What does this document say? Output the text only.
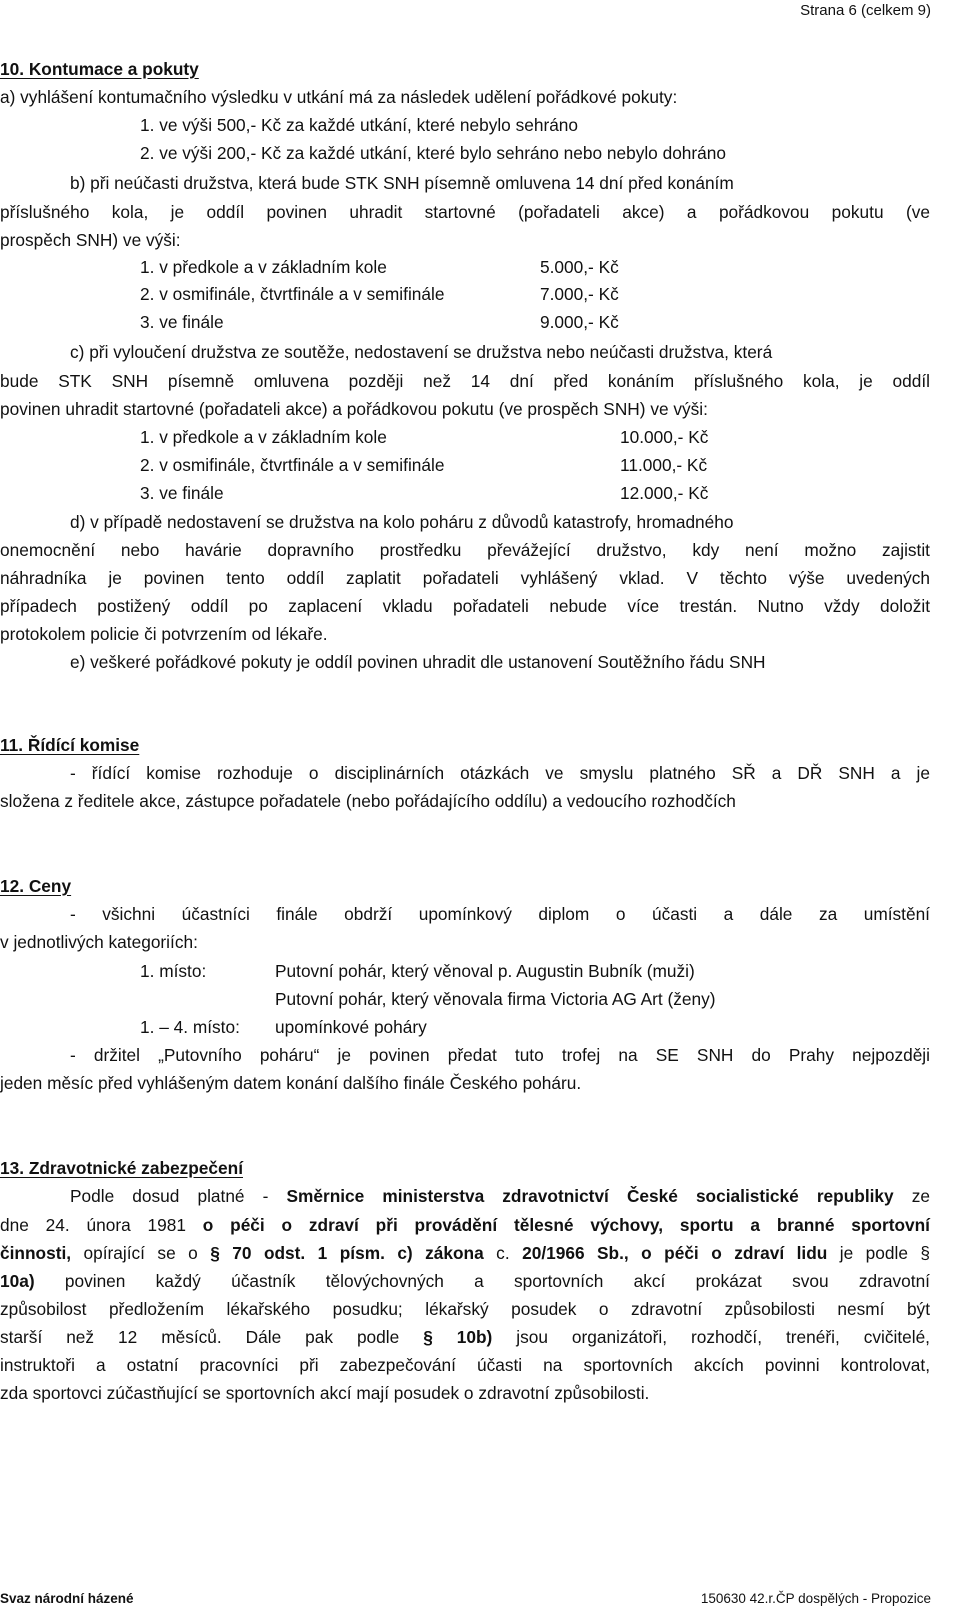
Strana 6 (celkem 9)
10. Kontumace a pokuty
a) vyhlášení kontumačního výsledku v utkání má za následek udělení pořádkové pokuty:
1. ve výši 500,- Kč za každé utkání, které nebylo sehráno
2. ve výši 200,- Kč za každé utkání, které bylo sehráno nebo nebylo dohráno
b) při neúčasti družstva, která bude STK SNH písemně omluvena 14 dní před konáním
příslušného kola, je oddíl povinen uhradit startovné (pořadateli akce) a pořádkovou pokutu (ve
prospěch SNH) ve výši:
1. v předkole a v základním kole	5.000,- Kč
2. v osmifinále, čtvrtfinále a v semifinále	7.000,- Kč
3. ve finále	9.000,- Kč
c) při vyloučení družstva ze soutěže, nedostavení se družstva nebo neúčasti družstva, která
bude STK SNH písemně omluvena později než 14 dní před konáním příslušného kola, je oddíl
povinen uhradit startovné (pořadateli akce) a pořádkovou pokutu (ve prospěch SNH) ve výši:
1. v předkole a v základním kole	10.000,- Kč
2. v osmifinále, čtvrtfinále a v semifinále	11.000,- Kč
3. ve finále	12.000,- Kč
d) v případě nedostavení se družstva na kolo poháru z důvodů katastrofy, hromadného
onemocnění nebo havárie dopravního prostředku převážející družstvo, kdy není možno zajistit
náhradníka je povinen tento oddíl zaplatit pořadateli vyhlášený vklad. V těchto výše uvedených
případech postižený oddíl po zaplacení vkladu pořadateli nebude více trestán. Nutno vždy doložit
protokolem policie či potvrzením od lékaře.
e) veškeré pořádkové pokuty je oddíl povinen uhradit dle ustanovení Soutěžního řádu SNH
11. Řídící komise
- řídící komise rozhoduje o disciplinárních otázkách ve smyslu platného SŘ a DŘ SNH a je
složena z ředitele akce, zástupce pořadatele (nebo pořádajícího oddílu) a vedoucího rozhodčích
12. Ceny
- všichni účastníci finále obdrží upomínkový diplom o účasti a dále za umístění
v jednotlivých kategoriích:
1. místo:	Putovní pohár, který věnoval p. Augustin Bubník (muži)
Putovní pohár, který věnovala firma Victoria AG Art (ženy)
1. – 4. místo: upomínkové poháry
- držitel „Putovního poháru“ je povinen předat tuto trofej na SE SNH do Prahy nejpozději
jeden měsíc před vyhlášeným datem konání dalšího finále Českého poháru.
13. Zdravotnické zabezpečení
Podle dosud platné - Směrnice ministerstva zdravotnictví České socialistické republiky ze
dne 24. února 1981 o péči o zdraví při provádění tělesné výchovy, sportu a branné sportovní
činnosti, opírající se o § 70 odst. 1 písm. c) zákona c. 20/1966 Sb., o péči o zdraví lidu je podle §
10a) povinen každý účastník tělovýchovných a sportovních akcí prokázat svou zdravotní
způsobilost předložením lékařského posudku; lékařský posudek o zdravotní způsobilosti nesmí být
starší než 12 měsíců. Dále pak podle § 10b) jsou organizátoři, rozhodčí, trenéři, cvičitelé,
instruktoři a ostatní pracovníci při zabezpečování účasti na sportovních akcích povinni kontrolovat,
zda sportovci zúčastňující se sportovních akcí mají posudek o zdravotní způsobilosti.
Svaz národní házené	150630 42.r.ČP dospělých - Propozice
